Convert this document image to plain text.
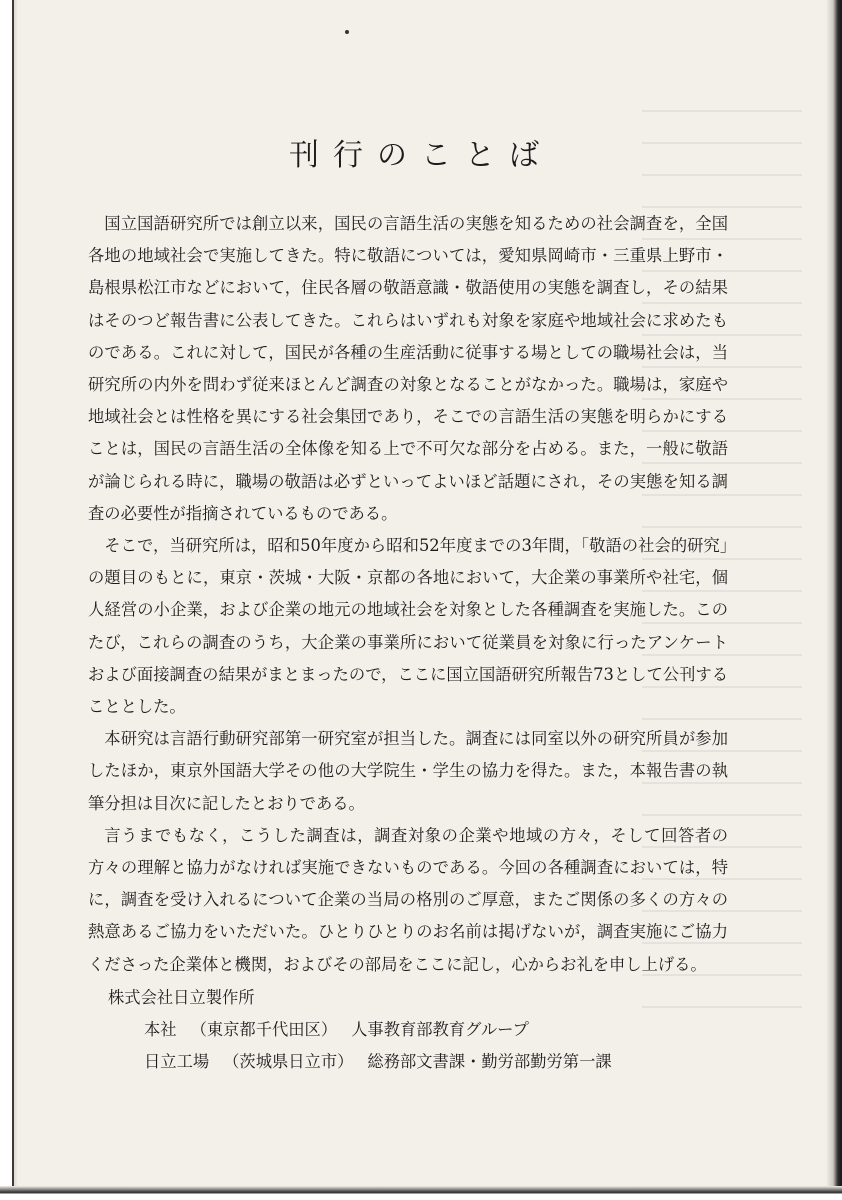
刊行のことば

国立国語研究所では創立以来，国民の言語生活の実態を知るための社会調査を，全国各地の地域社会で実施してきた。特に敬語については，愛知県岡崎市・三重県上野市・島根県松江市などにおいて，住民各層の敬語意識・敬語使用の実態を調査し，その結果はそのつど報告書に公表してきた。これらはいずれも対象を家庭や地域社会に求めたものである。これに対して，国民が各種の生産活動に従事する場としての職場社会は，当研究所の内外を問わず従来ほとんど調査の対象となることがなかった。職場は，家庭や地域社会とは性格を異にする社会集団であり，そこでの言語生活の実態を明らかにすることは，国民の言語生活の全体像を知る上で不可欠な部分を占める。また，一般に敬語が論じられる時に，職場の敬語は必ずといってよいほど話題にされ，その実態を知る調査の必要性が指摘されているものである。

そこで，当研究所は，昭和50年度から昭和52年度までの3年間，「敬語の社会的研究」の題目のもとに，東京・茨城・大阪・京都の各地において，大企業の事業所や社宅，個人経営の小企業，および企業の地元の地域社会を対象とした各種調査を実施した。このたび，これらの調査のうち，大企業の事業所において従業員を対象に行ったアンケートおよび面接調査の結果がまとまったので，ここに国立国語研究所報告73として公刊することとした。

本研究は言語行動研究部第一研究室が担当した。調査には同室以外の研究所員が参加したほか，東京外国語大学その他の大学院生・学生の協力を得た。また，本報告書の執筆分担は目次に記したとおりである。

言うまでもなく，こうした調査は，調査対象の企業や地域の方々，そして回答者の方々の理解と協力がなければ実施できないものである。今回の各種調査においては，特に，調査を受け入れるについて企業の当局の格別のご厚意，またご関係の多くの方々の熱意あるご協力をいただいた。ひとりひとりのお名前は掲げないが，調査実施にご協力くださった企業体と機関，およびその部局をここに記し，心からお礼を申し上げる。

株式会社日立製作所
本社 （東京都千代田区） 人事教育部教育グループ
日立工場 （茨城県日立市） 総務部文書課・勤労部勤労第一課
